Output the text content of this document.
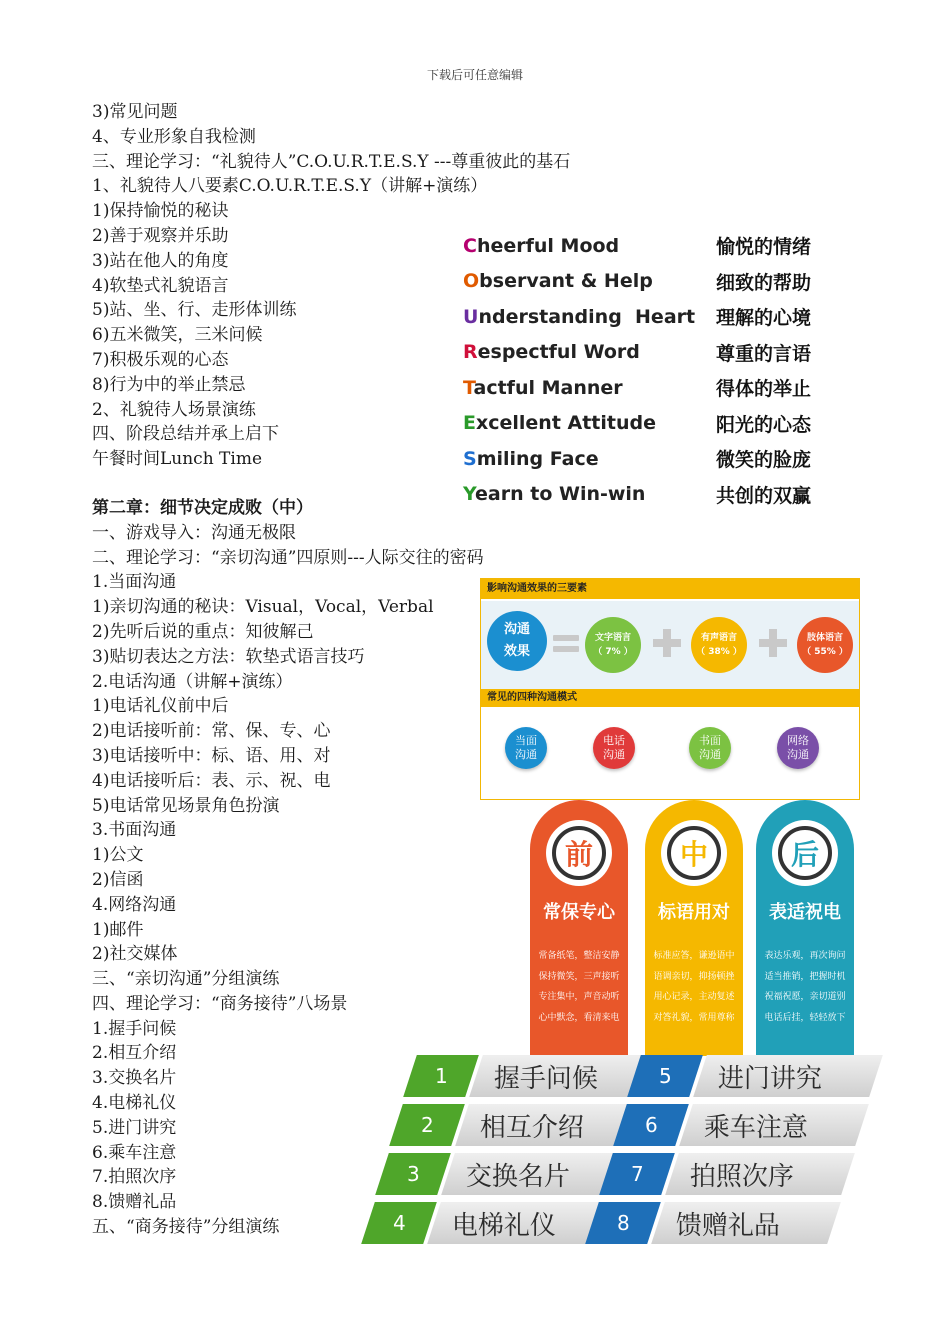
下载后可任意编辑
3)常见问题
4、专业形象自我检测
三、理论学习：“礼貌待人”C.O.U.R.T.E.S.Y ---尊重彼此的基石
1、礼貌待人八要素C.O.U.R.T.E.S.Y（讲解+演练）
1)保持愉悦的秘诀
2)善于观察并乐助
3)站在他人的角度
4)软垫式礼貌语言
5)站、坐、行、走形体训练
6)五米微笑，三米问候
7)积极乐观的心态
8)行为中的举止禁忌
2、礼貌待人场景演练
四、阶段总结并承上启下
午餐时间Lunch Time
第二章：细节决定成败（中）
一、游戏导入：沟通无极限
二、理论学习：“亲切沟通”四原则---人际交往的密码
1.当面沟通
1)亲切沟通的秘诀：Visual，Vocal，Verbal
2)先听后说的重点：知彼解己
3)贴切表达之方法：软垫式语言技巧
2.电话沟通（讲解+演练）
1)电话礼仪前中后
2)电话接听前：常、保、专、心
3)电话接听中：标、语、用、对
4)电话接听后：表、示、祝、电
5)电话常见场景角色扮演
3.书面沟通
1)公文
2)信函
4.网络沟通
1)邮件
2)社交媒体
三、“亲切沟通”分组演练
四、理论学习：“商务接待”八场景
1.握手问候
2.相互介绍
3.交换名片
4.电梯礼仪
5.进门讲究
6.乘车注意
7.拍照次序
8.馈赠礼品
五、“商务接待”分组演练
Cheerful Mood	愉悦的情绪
Observant & Help	细致的帮助
Understanding  Heart	理解的心境
Respectful Word	尊重的言语
Tactful Manner	得体的举止
Excellent Attitude	阳光的心态
Smiling Face	微笑的脸庞
Yearn to Win-win	共创的双赢
影响沟通效果的三要素
沟通
效果
文字语言
（ 7% ）
有声语言
（ 38% ）
肢体语言
（ 55% ）
常见的四种沟通模式
当面
沟通
电话
沟通
书面
沟通
网络
沟通
前
常保专心
常备纸笔，整洁安静
保持微笑，三声接听
专注集中，声音动听
心中默念，看清来电
中
标语用对
标准应答，谦逊语中
语调亲切，抑扬顿挫
用心记录，主动复述
对答礼貌，常用尊称
后
表适祝电
表达乐观，再次询问
适当推销，把握时机
祝福祝愿，亲切道别
电话后挂，轻轻放下
1 握手问候	5 进门讲究
2 相互介绍	6 乘车注意
3 交换名片	7 拍照次序
4 电梯礼仪	8 馈赠礼品
